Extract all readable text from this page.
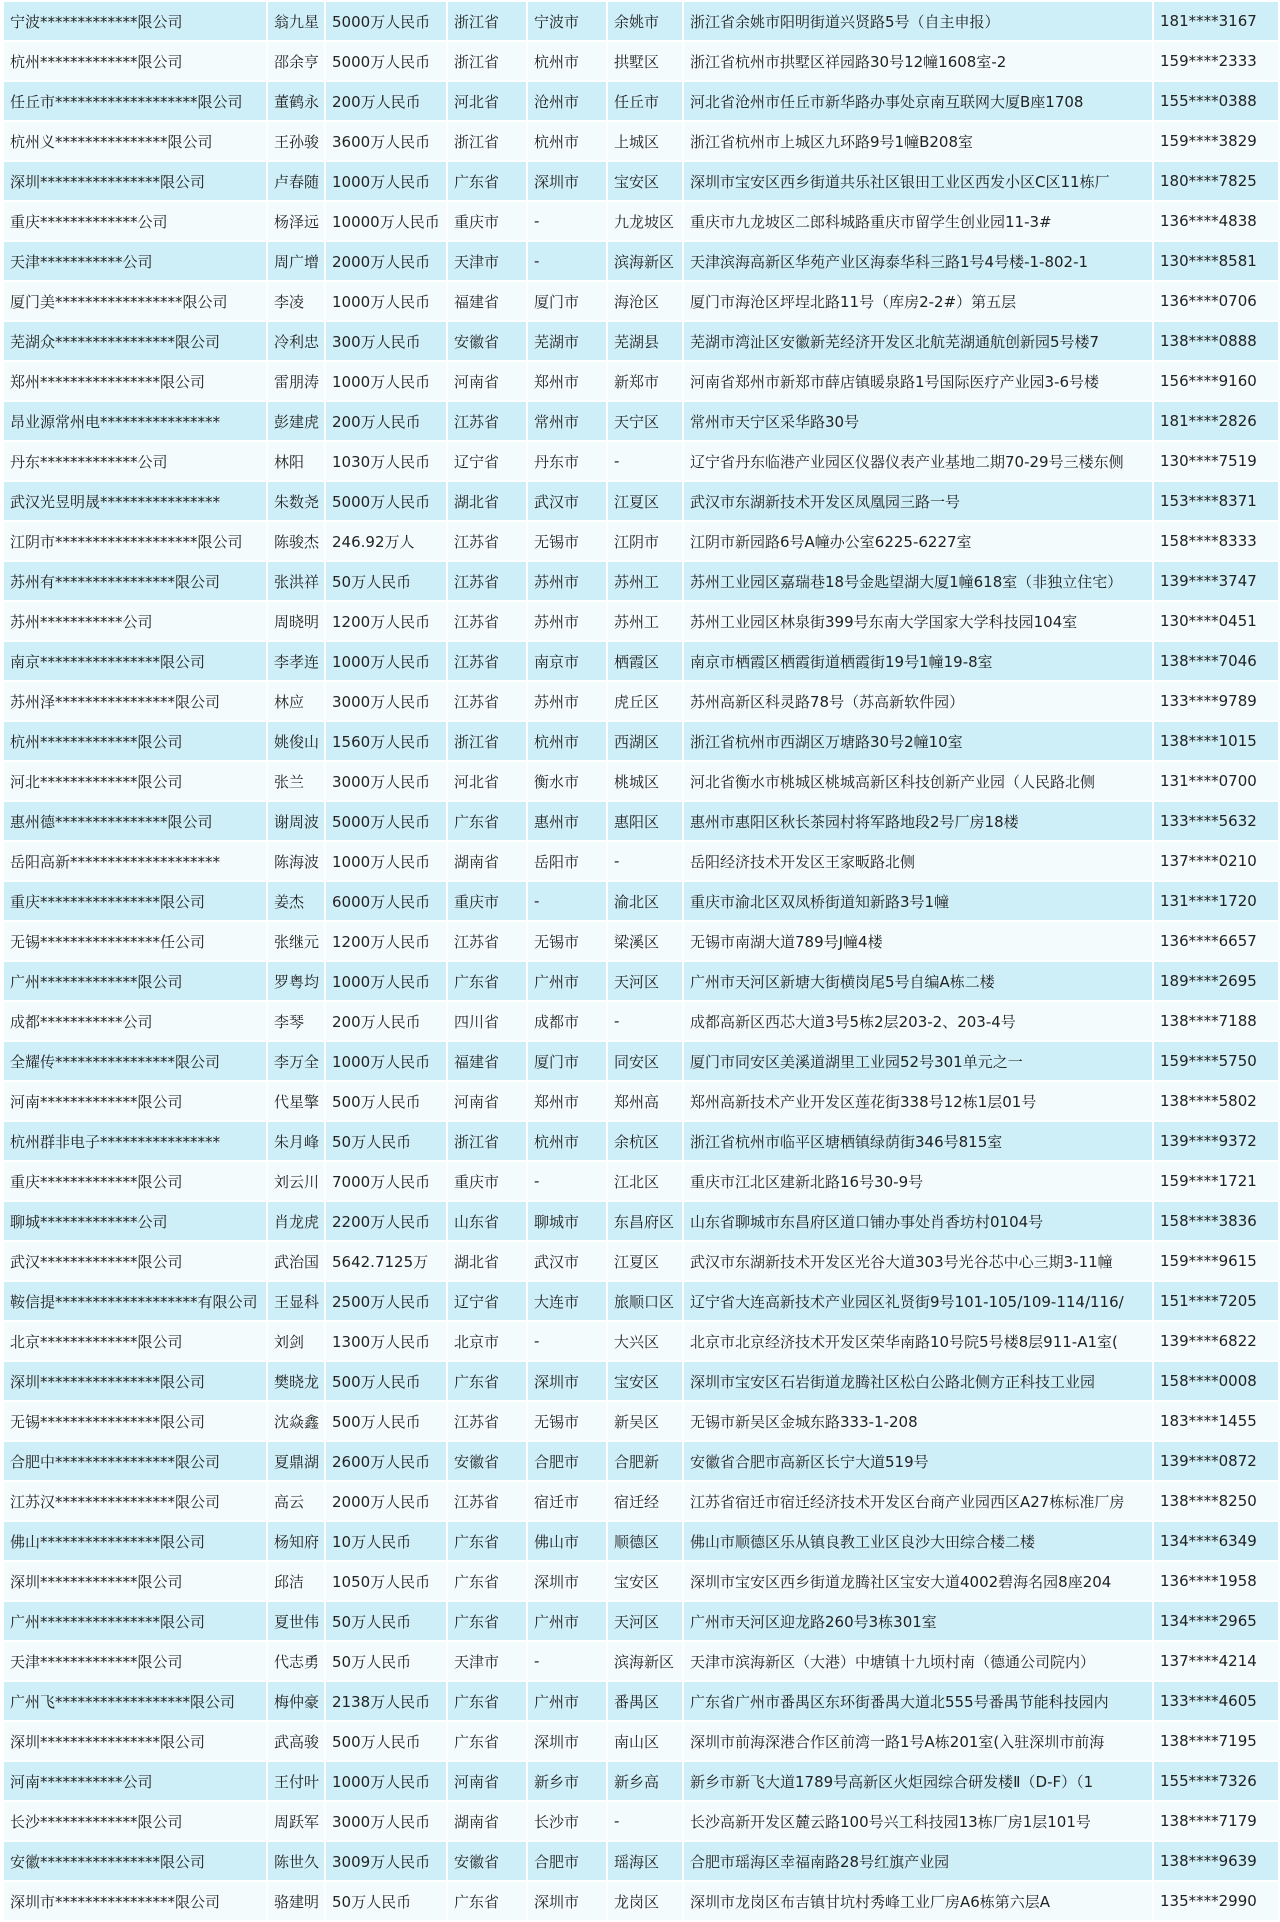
宁波*************限公司	翁九星	5000万人民币	浙江省	宁波市	余姚市	浙江省余姚市阳明街道兴贤路5号（自主申报）	181****3167
杭州*************限公司	邵余亨	5000万人民币	浙江省	杭州市	拱墅区	浙江省杭州市拱墅区祥园路30号12幢1608室-2	159****2333
任丘市*******************限公司	董鹤永	200万人民币	河北省	沧州市	任丘市	河北省沧州市任丘市新华路办事处京南互联网大厦B座1708	155****0388
杭州义***************限公司	王孙骏	3600万人民币	浙江省	杭州市	上城区	浙江省杭州市上城区九环路9号1幢B208室	159****3829
深圳****************限公司	卢春随	1000万人民币	广东省	深圳市	宝安区	深圳市宝安区西乡街道共乐社区银田工业区西发小区C区11栋厂	180****7825
重庆*************公司	杨泽远	10000万人民币	重庆市	-	九龙坡区	重庆市九龙坡区二郎科城路重庆市留学生创业园11-3#	136****4838
天津***********公司	周广增	2000万人民币	天津市	-	滨海新区	天津滨海高新区华苑产业区海泰华科三路1号4号楼-1-802-1	130****8581
厦门美*****************限公司	李凌	1000万人民币	福建省	厦门市	海沧区	厦门市海沧区坪埕北路11号（库房2-2#）第五层	136****0706
芜湖众****************限公司	冷利忠	300万人民币	安徽省	芜湖市	芜湖县	芜湖市湾沚区安徽新芜经济开发区北航芜湖通航创新园5号楼7	138****0888
郑州****************限公司	雷朋涛	1000万人民币	河南省	郑州市	新郑市	河南省郑州市新郑市薛店镇暖泉路1号国际医疗产业园3-6号楼	156****9160
昂业源常州电****************	彭建虎	200万人民币	江苏省	常州市	天宁区	常州市天宁区采华路30号	181****2826
丹东*************公司	林阳	1030万人民币	辽宁省	丹东市	-	辽宁省丹东临港产业园区仪器仪表产业基地二期70-29号三楼东侧	130****7519
武汉光昱明晟****************	朱数尧	5000万人民币	湖北省	武汉市	江夏区	武汉市东湖新技术开发区凤凰园三路一号	153****8371
江阴市*******************限公司	陈骏杰	246.92万人	江苏省	无锡市	江阴市	江阴市新园路6号A幢办公室6225-6227室	158****8333
苏州有****************限公司	张洪祥	50万人民币	江苏省	苏州市	苏州工	苏州工业园区嘉瑞巷18号金匙望湖大厦1幢618室（非独立住宅）	139****3747
苏州***********公司	周晓明	1200万人民币	江苏省	苏州市	苏州工	苏州工业园区林泉街399号东南大学国家大学科技园104室	130****0451
南京****************限公司	李孝连	1000万人民币	江苏省	南京市	栖霞区	南京市栖霞区栖霞街道栖霞街19号1幢19-8室	138****7046
苏州泽****************限公司	林应	3000万人民币	江苏省	苏州市	虎丘区	苏州高新区科灵路78号（苏高新软件园）	133****9789
杭州*************限公司	姚俊山	1560万人民币	浙江省	杭州市	西湖区	浙江省杭州市西湖区万塘路30号2幢10室	138****1015
河北*************限公司	张兰	3000万人民币	河北省	衡水市	桃城区	河北省衡水市桃城区桃城高新区科技创新产业园（人民路北侧	131****0700
惠州德***************限公司	谢周波	5000万人民币	广东省	惠州市	惠阳区	惠州市惠阳区秋长茶园村将军路地段2号厂房18楼	133****5632
岳阳高新********************	陈海波	1000万人民币	湖南省	岳阳市	-	岳阳经济技术开发区王家畈路北侧	137****0210
重庆****************限公司	姜杰	6000万人民币	重庆市	-	渝北区	重庆市渝北区双凤桥街道知新路3号1幢	131****1720
无锡****************任公司	张继元	1200万人民币	江苏省	无锡市	梁溪区	无锡市南湖大道789号J幢4楼	136****6657
广州*************限公司	罗粤均	1000万人民币	广东省	广州市	天河区	广州市天河区新塘大街横岗尾5号自编A栋二楼	189****2695
成都***********公司	李琴	200万人民币	四川省	成都市	-	成都高新区西芯大道3号5栋2层203-2、203-4号	138****7188
全耀传****************限公司	李万全	1000万人民币	福建省	厦门市	同安区	厦门市同安区美溪道湖里工业园52号301单元之一	159****5750
河南*************限公司	代星擎	500万人民币	河南省	郑州市	郑州高	郑州高新技术产业开发区莲花街338号12栋1层01号	138****5802
杭州群非电子****************	朱月峰	50万人民币	浙江省	杭州市	余杭区	浙江省杭州市临平区塘栖镇绿荫街346号815室	139****9372
重庆*************限公司	刘云川	7000万人民币	重庆市	-	江北区	重庆市江北区建新北路16号30-9号	159****1721
聊城*************公司	肖龙虎	2200万人民币	山东省	聊城市	东昌府区	山东省聊城市东昌府区道口铺办事处肖香坊村0104号	158****3836
武汉*************限公司	武治国	5642.7125万	湖北省	武汉市	江夏区	武汉市东湖新技术开发区光谷大道303号光谷芯中心三期3-11幢	159****9615
鞍信提*******************有限公司	王显科	2500万人民币	辽宁省	大连市	旅顺口区	辽宁省大连高新技术产业园区礼贤街9号101-105/109-114/116/	151****7205
北京*************限公司	刘剑	1300万人民币	北京市	-	大兴区	北京市北京经济技术开发区荣华南路10号院5号楼8层911-A1室(	139****6822
深圳****************限公司	樊晓龙	500万人民币	广东省	深圳市	宝安区	深圳市宝安区石岩街道龙腾社区松白公路北侧方正科技工业园	158****0008
无锡****************限公司	沈焱鑫	500万人民币	江苏省	无锡市	新吴区	无锡市新吴区金城东路333-1-208	183****1455
合肥中****************限公司	夏鼎湖	2600万人民币	安徽省	合肥市	合肥新	安徽省合肥市高新区长宁大道519号	139****0872
江苏汉****************限公司	高云	2000万人民币	江苏省	宿迁市	宿迁经	江苏省宿迁市宿迁经济技术开发区台商产业园西区A27栋标准厂房	138****8250
佛山****************限公司	杨知府	10万人民币	广东省	佛山市	顺德区	佛山市顺德区乐从镇良教工业区良沙大田综合楼二楼	134****6349
深圳*************限公司	邱洁	1050万人民币	广东省	深圳市	宝安区	深圳市宝安区西乡街道龙腾社区宝安大道4002碧海名园8座204	136****1958
广州****************限公司	夏世伟	50万人民币	广东省	广州市	天河区	广州市天河区迎龙路260号3栋301室	134****2965
天津*************限公司	代志勇	50万人民币	天津市	-	滨海新区	天津市滨海新区（大港）中塘镇十九顷村南（德通公司院内）	137****4214
广州飞******************限公司	梅仲豪	2138万人民币	广东省	广州市	番禺区	广东省广州市番禺区东环街番禺大道北555号番禺节能科技园内	133****4605
深圳****************限公司	武高骏	500万人民币	广东省	深圳市	南山区	深圳市前海深港合作区前湾一路1号A栋201室(入驻深圳市前海	138****7195
河南***********公司	王付叶	1000万人民币	河南省	新乡市	新乡高	新乡市新飞大道1789号高新区火炬园综合研发楼Ⅱ（D-F）（1	155****7326
长沙*************限公司	周跃军	3000万人民币	湖南省	长沙市	-	长沙高新开发区麓云路100号兴工科技园13栋厂房1层101号	138****7179
安徽****************限公司	陈世久	3009万人民币	安徽省	合肥市	瑶海区	合肥市瑶海区幸福南路28号红旗产业园	138****9639
深圳市****************限公司	骆建明	50万人民币	广东省	深圳市	龙岗区	深圳市龙岗区布吉镇甘坑村秀峰工业厂房A6栋第六层A	135****2990
